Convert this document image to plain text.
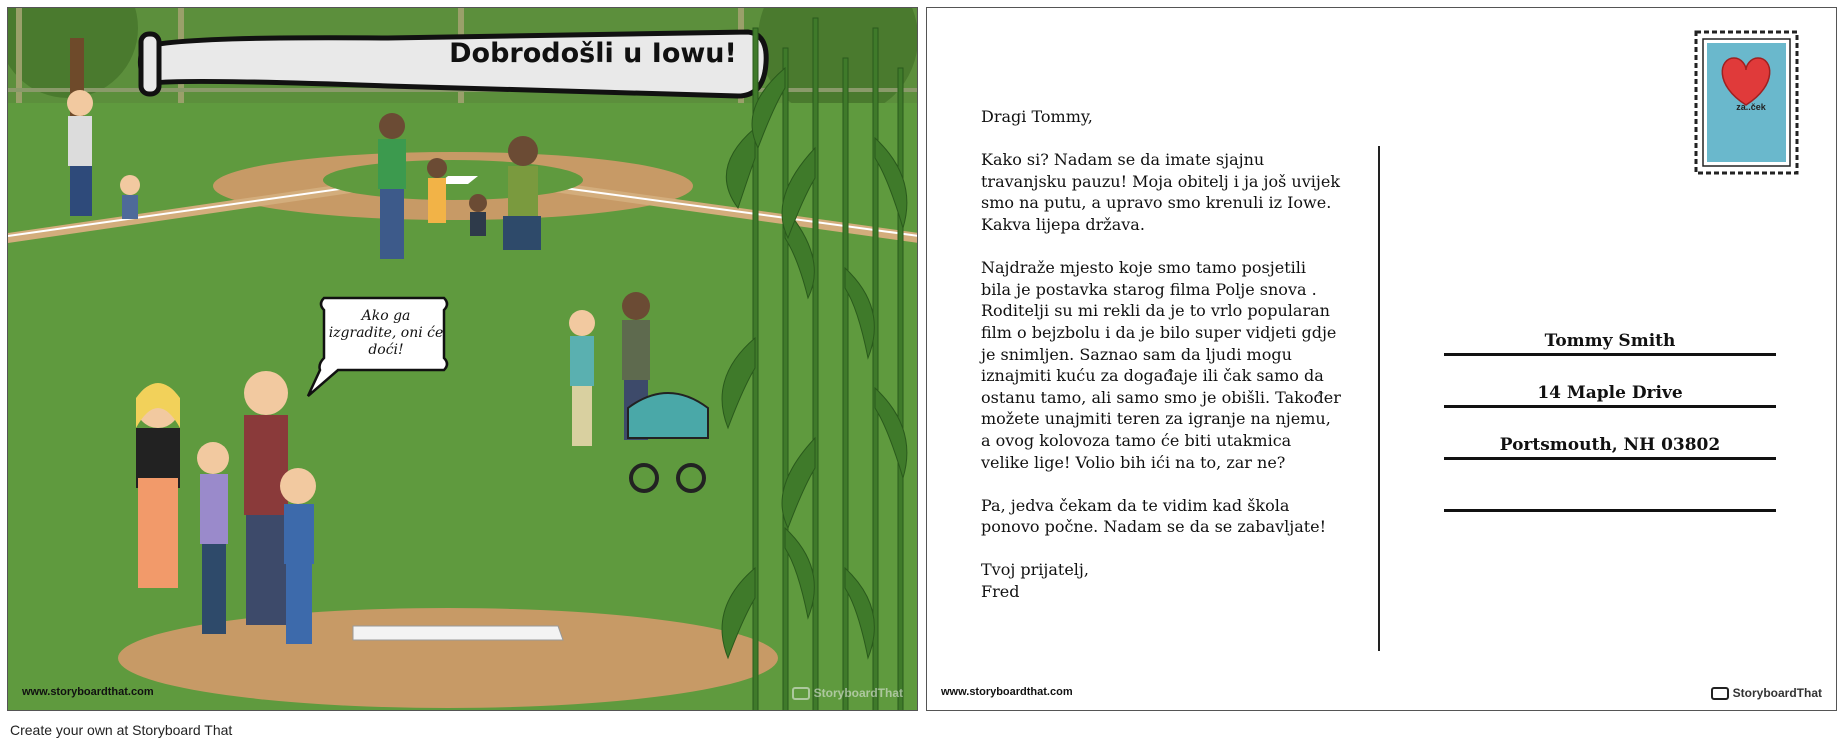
Dobrodošli u Iowu!
Ako ga
izgradite, oni će
doći!
www.storyboardthat.com	StoryboardThat

Dragi Tommy,

Kako si? Nadam se da imate sjajnu travanjsku pauzu! Moja obitelj i ja još uvijek smo na putu, a upravo smo krenuli iz Iowe. Kakva lijepa država.

Najdraže mjesto koje smo tamo posjetili bila je postavka starog filma Polje snova . Roditelji su mi rekli da je to vrlo popularan film o bejzbolu i da je bilo super vidjeti gdje je snimljen. Saznao sam da ljudi mogu iznajmiti kuću za događaje ili čak samo da ostanu tamo, ali samo smo je obišli. Također možete unajmiti teren za igranje na njemu, a ovog kolovoza tamo će biti utakmica velike lige! Volio bih ići na to, zar ne?

Pa, jedva čekam da te vidim kad škola ponovo počne. Nadam se da se zabavljate!

Tvoj prijatelj,

Fred

Tommy Smith
14 Maple Drive
Portsmouth, NH 03802
za..ček
www.storyboardthat.com	StoryboardThat
Create your own at Storyboard That
